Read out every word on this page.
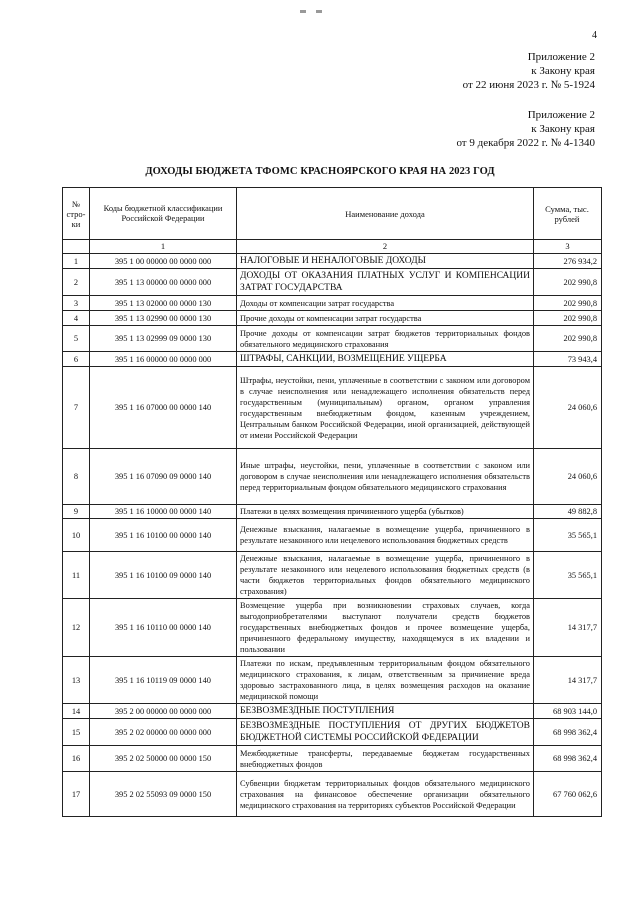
4
Приложение 2
к Закону края
от 22 июня 2023 г. № 5-1924
Приложение 2
к Закону края
от 9 декабря 2022 г. № 4-1340
ДОХОДЫ БЮДЖЕТА ТФОМС КРАСНОЯРСКОГО КРАЯ НА 2023 ГОД
№ стро-ки	Коды бюджетной классификации Российской Федерации	Наименование дохода	Сумма, тыс. рублей
	1	2	3
1	395 1 00 00000 00 0000 000	НАЛОГОВЫЕ И НЕНАЛОГОВЫЕ ДОХОДЫ	276 934,2
2	395 1 13 00000 00 0000 000	ДОХОДЫ ОТ ОКАЗАНИЯ ПЛАТНЫХ УСЛУГ И КОМПЕНСАЦИИ ЗАТРАТ ГОСУДАРСТВА	202 990,8
3	395 1 13 02000 00 0000 130	Доходы от компенсации затрат государства	202 990,8
4	395 1 13 02990 00 0000 130	Прочие доходы от компенсации затрат государства	202 990,8
5	395 1 13 02999 09 0000 130	Прочие доходы от компенсации затрат бюджетов территориальных фондов обязательного медицинского страхования	202 990,8
6	395 1 16 00000 00 0000 000	ШТРАФЫ, САНКЦИИ, ВОЗМЕЩЕНИЕ УЩЕРБА	73 943,4
7	395 1 16 07000 00 0000 140	Штрафы, неустойки, пени, уплаченные в соответствии с законом или договором в случае неисполнения или ненадлежащего исполнения обязательств перед государственным (муниципальным) органом, органом управления государственным внебюджетным фондом, казенным учреждением, Центральным банком Российской Федерации, иной организацией, действующей от имени Российской Федерации	24 060,6
8	395 1 16 07090 09 0000 140	Иные штрафы, неустойки, пени, уплаченные в соответствии с законом или договором в случае неисполнения или ненадлежащего исполнения обязательств перед территориальным фондом обязательного медицинского страхования	24 060,6
9	395 1 16 10000 00 0000 140	Платежи в целях возмещения причиненного ущерба (убытков)	49 882,8
10	395 1 16 10100 00 0000 140	Денежные взыскания, налагаемые в возмещение ущерба, причиненного в результате незаконного или нецелевого использования бюджетных средств	35 565,1
11	395 1 16 10100 09 0000 140	Денежные взыскания, налагаемые в возмещение ущерба, причиненного в результате незаконного или нецелевого использования бюджетных средств (в части бюджетов территориальных фондов обязательного медицинского страхования)	35 565,1
12	395 1 16 10110 00 0000 140	Возмещение ущерба при возникновении страховых случаев, когда выгодоприобретателями выступают получатели средств бюджетов государственных внебюджетных фондов и прочее возмещение ущерба, причиненного федеральному имуществу, находящемуся в их владении и пользовании	14 317,7
13	395 1 16 10119 09 0000 140	Платежи по искам, предъявленным территориальным фондом обязательного медицинского страхования, к лицам, ответственным за причинение вреда здоровью застрахованного лица, в целях возмещения расходов на оказание медицинской помощи	14 317,7
14	395 2 00 00000 00 0000 000	БЕЗВОЗМЕЗДНЫЕ ПОСТУПЛЕНИЯ	68 903 144,0
15	395 2 02 00000 00 0000 000	БЕЗВОЗМЕЗДНЫЕ ПОСТУПЛЕНИЯ ОТ ДРУГИХ БЮДЖЕТОВ БЮДЖЕТНОЙ СИСТЕМЫ РОССИЙСКОЙ ФЕДЕРАЦИИ	68 998 362,4
16	395 2 02 50000 00 0000 150	Межбюджетные трансферты, передаваемые бюджетам государственных внебюджетных фондов	68 998 362,4
17	395 2 02 55093 09 0000 150	Субвенции бюджетам территориальных фондов обязательного медицинского страхования на финансовое обеспечение организации обязательного медицинского страхования на территориях субъектов Российской Федерации	67 760 062,6
